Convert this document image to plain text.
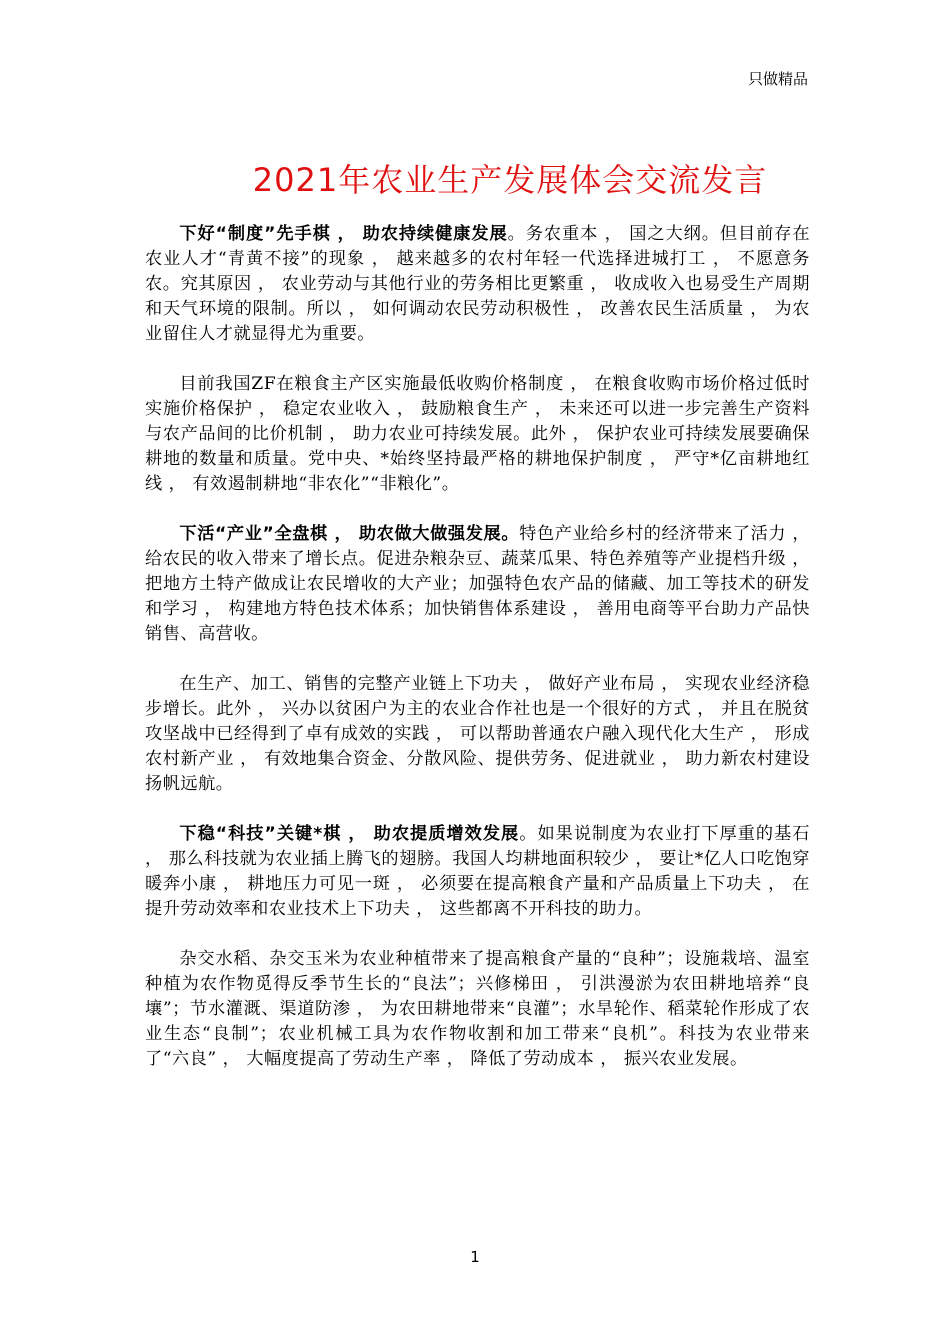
只做精品
2021年农业生产发展体会交流发言

下好“制度”先手棋 ， 助农持续健康发展。务农重本 ， 国之大纲。但目前存在农业人才“青黄不接”的现象 ， 越来越多的农村年轻一代选择进城打工 ， 不愿意务农。究其原因 ， 农业劳动与其他行业的劳务相比更繁重 ， 收成收入也易受生产周期和天气环境的限制。所以 ， 如何调动农民劳动积极性 ， 改善农民生活质量 ， 为农业留住人才就显得尤为重要。

目前我国ZF在粮食主产区实施最低收购价格制度 ， 在粮食收购市场价格过低时实施价格保护 ， 稳定农业收入 ， 鼓励粮食生产 ， 未来还可以进一步完善生产资料与农产品间的比价机制 ， 助力农业可持续发展。此外 ， 保护农业可持续发展要确保耕地的数量和质量。党中央、*始终坚持最严格的耕地保护制度 ， 严守*亿亩耕地红线 ， 有效遏制耕地“非农化”“非粮化”。

下活“产业”全盘棋 ， 助农做大做强发展。特色产业给乡村的经济带来了活力 ， 给农民的收入带来了增长点。促进杂粮杂豆、蔬菜瓜果、特色养殖等产业提档升级 ， 把地方土特产做成让农民增收的大产业；加强特色农产品的储藏、加工等技术的研发和学习 ， 构建地方特色技术体系；加快销售体系建设 ， 善用电商等平台助力产品快销售、高营收。

在生产、加工、销售的完整产业链上下功夫 ， 做好产业布局 ， 实现农业经济稳步增长。此外 ， 兴办以贫困户为主的农业合作社也是一个很好的方式 ， 并且在脱贫攻坚战中已经得到了卓有成效的实践 ， 可以帮助普通农户融入现代化大生产 ， 形成农村新产业 ， 有效地集合资金、分散风险、提供劳务、促进就业 ， 助力新农村建设扬帆远航。

下稳“科技”关键*棋 ， 助农提质增效发展。如果说制度为农业打下厚重的基石 ， 那么科技就为农业插上腾飞的翅膀。我国人均耕地面积较少 ， 要让*亿人口吃饱穿暖奔小康 ， 耕地压力可见一斑 ， 必须要在提高粮食产量和产品质量上下功夫 ， 在提升劳动效率和农业技术上下功夫 ， 这些都离不开科技的助力。

杂交水稻、杂交玉米为农业种植带来了提高粮食产量的“良种”；设施栽培、温室种植为农作物觅得反季节生长的“良法”；兴修梯田 ， 引洪漫淤为农田耕地培养“良壤”；节水灌溉、渠道防渗 ， 为农田耕地带来“良灌”；水旱轮作、稻菜轮作形成了农业生态“良制”；农业机械工具为农作物收割和加工带来“良机”。科技为农业带来了“六良” ， 大幅度提高了劳动生产率 ， 降低了劳动成本 ， 振兴农业发展。

1
